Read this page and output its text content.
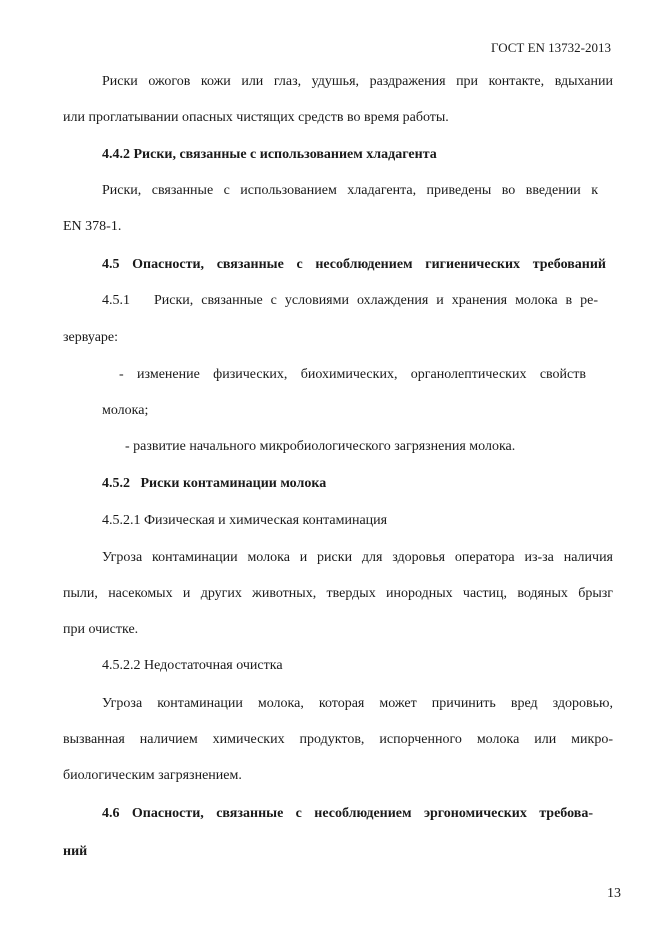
ГОСТ EN 13732-2013
Риски ожогов кожи или глаз, удушья, раздражения при контакте, вдыхании
или проглатывании опасных чистящих средств во время работы.
4.4.2 Риски, связанные с использованием хладагента
Риски, связанные с использованием хладагента, приведены во введении к
EN 378-1.
4.5 Опасности, связанные с несоблюдением гигиенических требований
4.5.1   Риски, связанные с условиями охлаждения и хранения молока в ре-
зервуаре:
- изменение физических, биохимических, органолептических свойств
молока;
- развитие начального микробиологического загрязнения молока.
4.5.2   Риски контаминации молока
4.5.2.1 Физическая и химическая контаминация
Угроза контаминации молока и риски для здоровья оператора из-за наличия
пыли, насекомых и других животных, твердых инородных частиц, водяных брызг
при очистке.
4.5.2.2 Недостаточная очистка
Угроза контаминации молока, которая может причинить вред здоровью,
вызванная наличием химических продуктов, испорченного молока или микро-
биологическим загрязнением.
4.6 Опасности, связанные с несоблюдением эргономических требова-
ний
13
